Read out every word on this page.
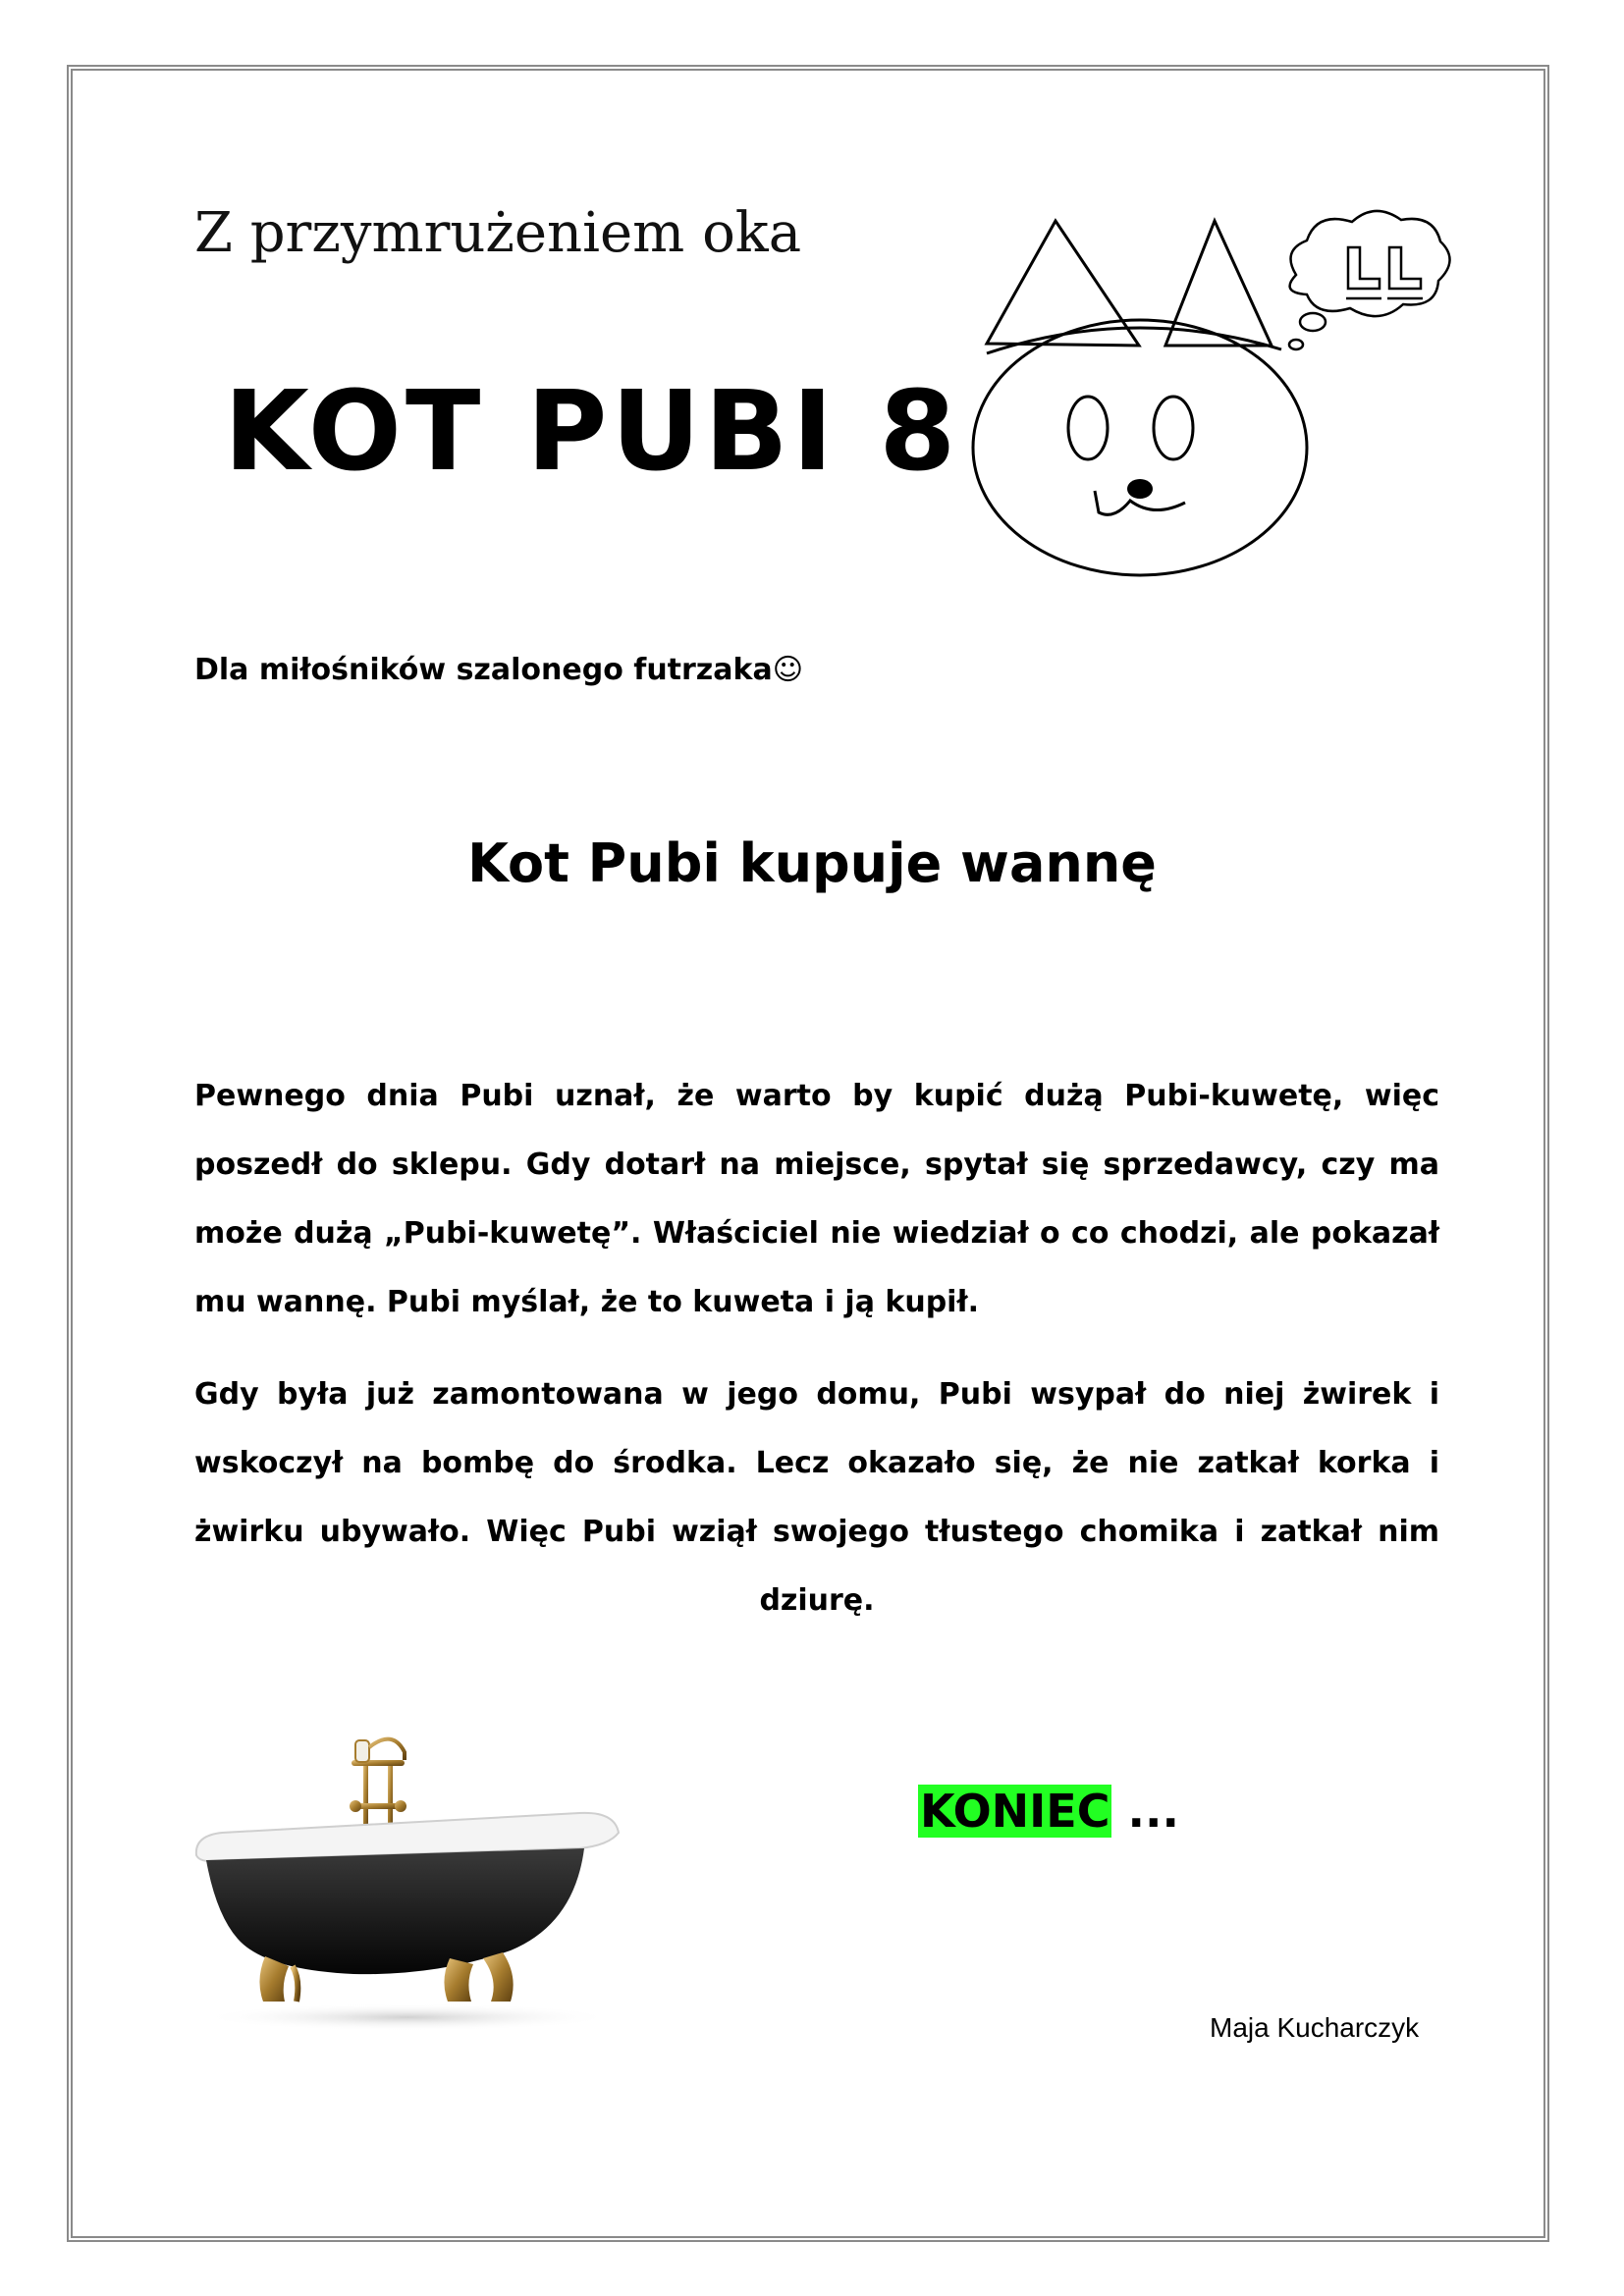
Z przymrużeniem oka
KOT PUBI 8

Dla miłośników szalonego futrzaka☺

Kot Pubi kupuje wannę

Pewnego dnia Pubi uznał, że warto by kupić dużą Pubi-kuwetę, więc poszedł do sklepu. Gdy dotarł na miejsce, spytał się sprzedawcy, czy ma może dużą „Pubi-kuwetę”. Właściciel nie wiedział o co chodzi, ale pokazał mu wannę. Pubi myślał, że to kuweta i ją kupił.

Gdy była już zamontowana w jego domu, Pubi wsypał do niej żwirek i wskoczył na bombę do środka. Lecz okazało się, że nie zatkał korka i żwirku ubywało. Więc Pubi wziął swojego tłustego chomika i zatkał nim dziurę.

KONIEC ...
Maja Kucharczyk
